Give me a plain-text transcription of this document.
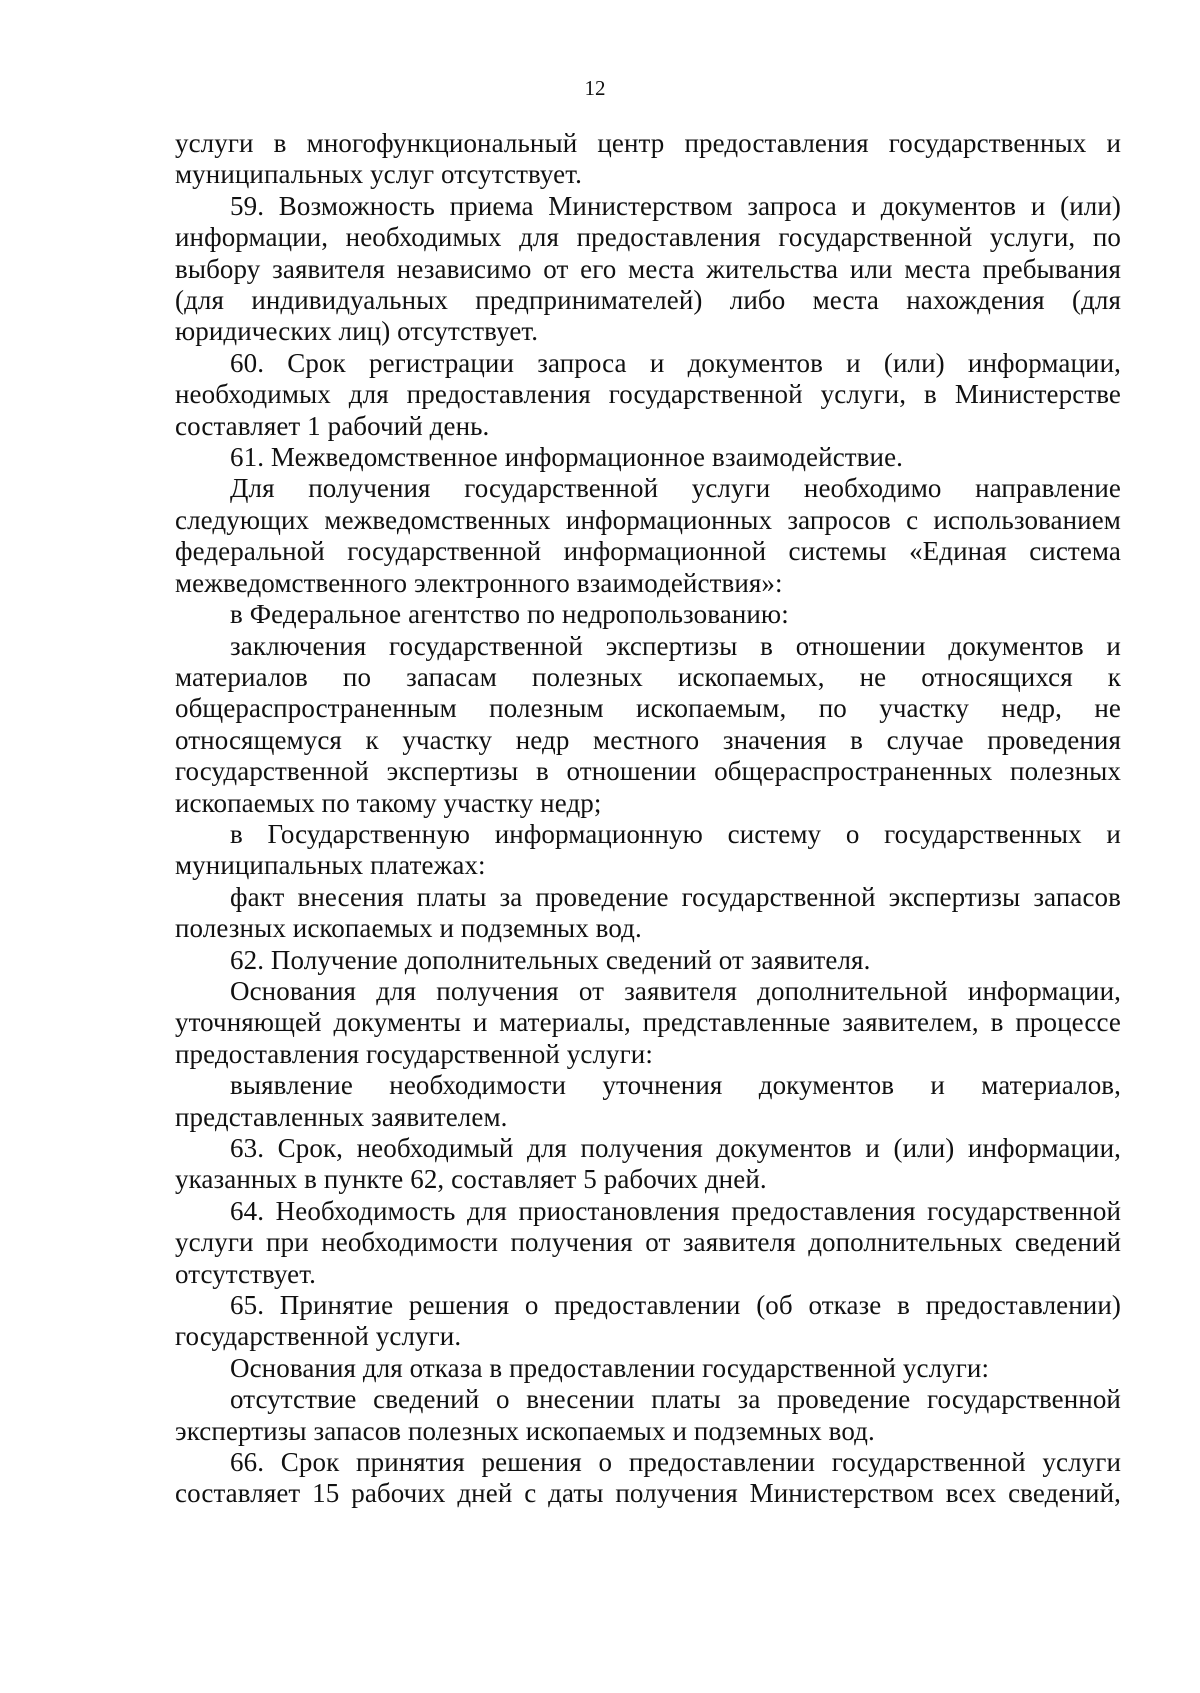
12

услуги в многофункциональный центр предоставления государственных и муниципальных услуг отсутствует.

59. Возможность приема Министерством запроса и документов и (или) информации, необходимых для предоставления государственной услуги, по выбору заявителя независимо от его места жительства или места пребывания (для индивидуальных предпринимателей) либо места нахождения (для юридических лиц) отсутствует.

60. Срок регистрации запроса и документов и (или) информации, необходимых для предоставления государственной услуги, в Министерстве составляет 1 рабочий день.

61. Межведомственное информационное взаимодействие.

Для получения государственной услуги необходимо направление следующих межведомственных информационных запросов с использованием федеральной государственной информационной системы «Единая система межведомственного электронного взаимодействия»:

в Федеральное агентство по недропользованию:

заключения государственной экспертизы в отношении документов и материалов по запасам полезных ископаемых, не относящихся к общераспространенным полезным ископаемым, по участку недр, не относящемуся к участку недр местного значения в случае проведения государственной экспертизы в отношении общераспространенных полезных ископаемых по такому участку недр;

в Государственную информационную систему о государственных и муниципальных платежах:

факт внесения платы за проведение государственной экспертизы запасов полезных ископаемых и подземных вод.

62. Получение дополнительных сведений от заявителя.

Основания для получения от заявителя дополнительной информации, уточняющей документы и материалы, представленные заявителем, в процессе предоставления государственной услуги:

выявление необходимости уточнения документов и материалов, представленных заявителем.

63. Срок, необходимый для получения документов и (или) информации, указанных в пункте 62, составляет 5 рабочих дней.

64. Необходимость для приостановления предоставления государственной услуги при необходимости получения от заявителя дополнительных сведений отсутствует.

65. Принятие решения о предоставлении (об отказе в предоставлении) государственной услуги.

Основания для отказа в предоставлении государственной услуги:

отсутствие сведений о внесении платы за проведение государственной экспертизы запасов полезных ископаемых и подземных вод.

66. Срок принятия решения о предоставлении государственной услуги составляет 15 рабочих дней с даты получения Министерством всех сведений,
